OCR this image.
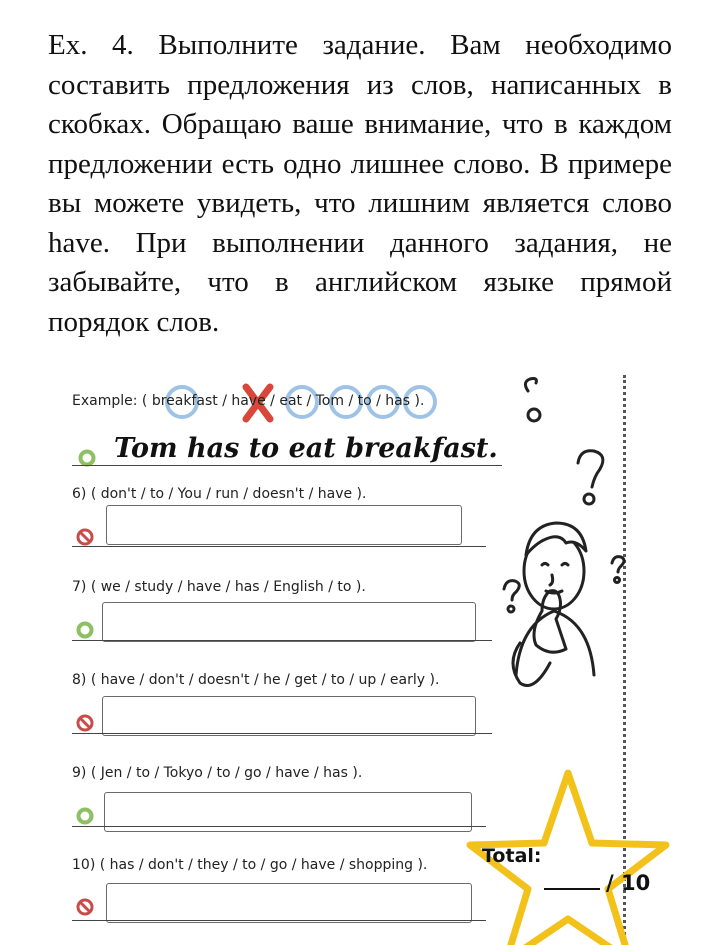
Ex. 4. Выполните задание. Вам необходимо составить предложения из слов, написанных в скобках. Обращаю ваше внимание, что в каждом предложении есть одно лишнее слово. В примере вы можете увидеть, что лишним является слово have. При выполнении данного задания, не забывайте, что в английском языке прямой порядок слов.

Example: ( breakfast / have / eat / Tom / to / has ).
Tom has to eat breakfast.
6) ( don't / to / You / run / doesn't / have ).
7) ( we / study / have / has / English / to ).
8) ( have / don't / doesn't / he / get / to / up / early ).
9) ( Jen / to / Tokyo / to / go / have / has ).
10) ( has / don't / they / to / go / have / shopping ).	Total:
/ 10
